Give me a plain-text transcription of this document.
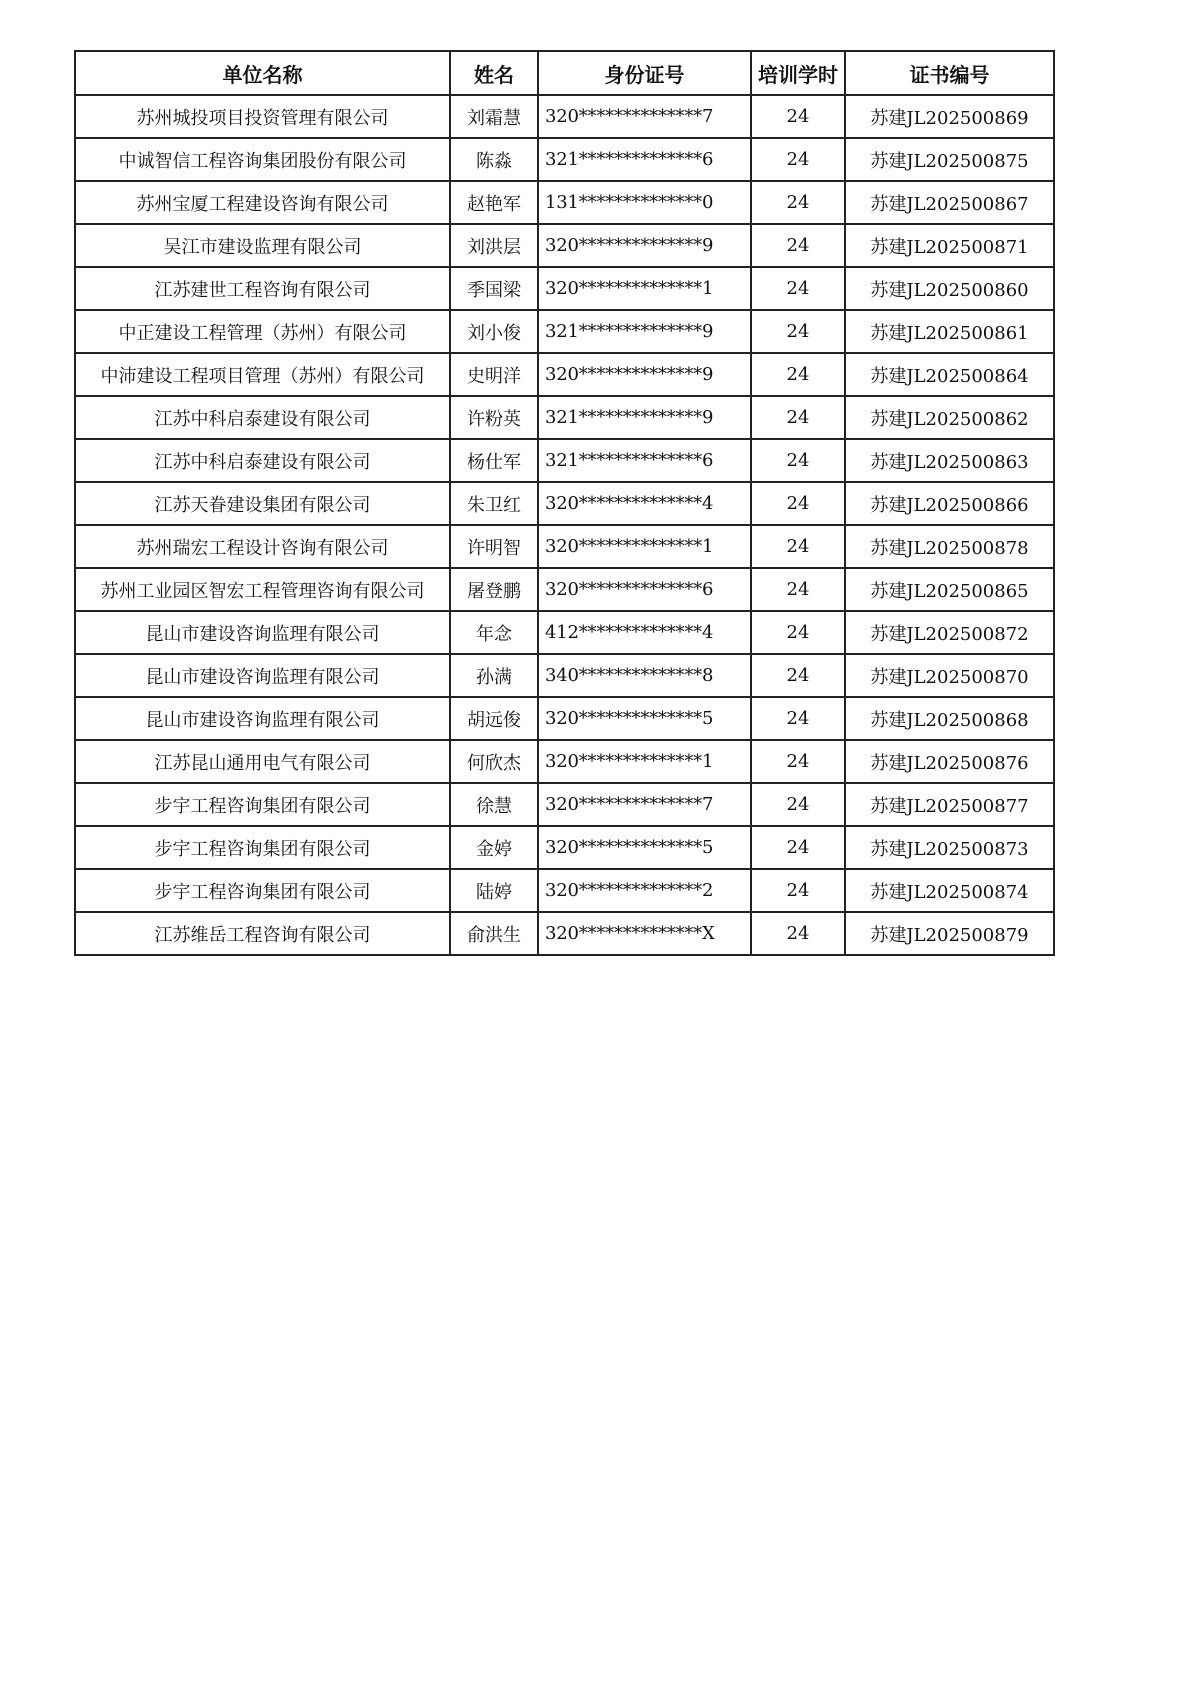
单位名称	姓名	身份证号	培训学时	证书编号
苏州城投项目投资管理有限公司	刘霜慧	320**************7	24	苏建JL202500869
中诚智信工程咨询集团股份有限公司	陈淼	321**************6	24	苏建JL202500875
苏州宝厦工程建设咨询有限公司	赵艳军	131**************0	24	苏建JL202500867
吴江市建设监理有限公司	刘洪层	320**************9	24	苏建JL202500871
江苏建世工程咨询有限公司	季国梁	320**************1	24	苏建JL202500860
中正建设工程管理（苏州）有限公司	刘小俊	321**************9	24	苏建JL202500861
中沛建设工程项目管理（苏州）有限公司	史明洋	320**************9	24	苏建JL202500864
江苏中科启泰建设有限公司	许粉英	321**************9	24	苏建JL202500862
江苏中科启泰建设有限公司	杨仕军	321**************6	24	苏建JL202500863
江苏天眷建设集团有限公司	朱卫红	320**************4	24	苏建JL202500866
苏州瑞宏工程设计咨询有限公司	许明智	320**************1	24	苏建JL202500878
苏州工业园区智宏工程管理咨询有限公司	屠登鹏	320**************6	24	苏建JL202500865
昆山市建设咨询监理有限公司	年念	412**************4	24	苏建JL202500872
昆山市建设咨询监理有限公司	孙满	340**************8	24	苏建JL202500870
昆山市建设咨询监理有限公司	胡远俊	320**************5	24	苏建JL202500868
江苏昆山通用电气有限公司	何欣杰	320**************1	24	苏建JL202500876
步宇工程咨询集团有限公司	徐慧	320**************7	24	苏建JL202500877
步宇工程咨询集团有限公司	金婷	320**************5	24	苏建JL202500873
步宇工程咨询集团有限公司	陆婷	320**************2	24	苏建JL202500874
江苏维岳工程咨询有限公司	俞洪生	320**************X	24	苏建JL202500879
